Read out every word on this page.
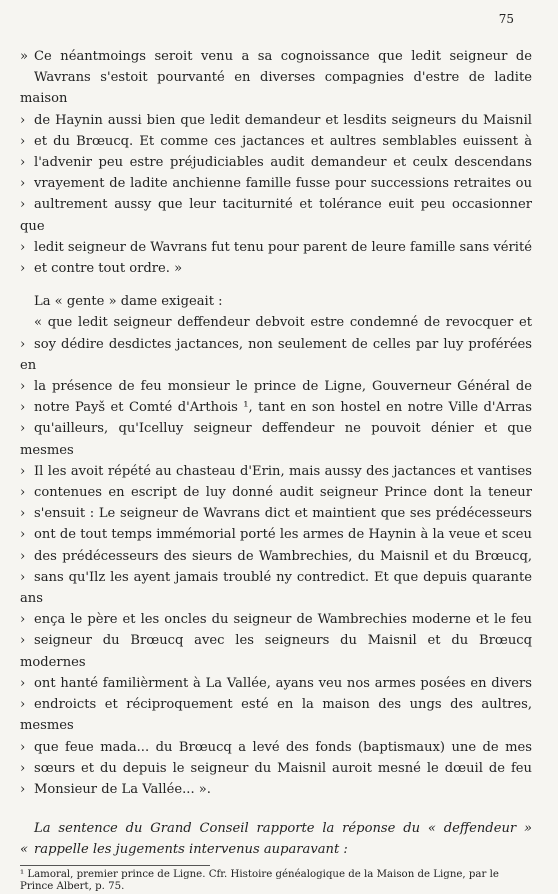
75

» Ce néantmoings seroit venu a sa cognoissance que ledit seigneur de

Wavrans s'estoit pourvanté en diverses compagnies d'estre de ladite maison

› de Haynin aussi bien que ledit demandeur et lesdits seigneurs du Maisnil

› et du Brœucq. Et comme ces jactances et aultres semblables euissent à

› l'advenir peu estre préjudiciables audit demandeur et ceulx descendans

› vrayement de ladite anchienne famille fusse pour successions retraites ou

› aultrement aussy que leur taciturnité et tolérance euit peu occasionner que

› ledit seigneur de Wavrans fut tenu pour parent de leure famille sans vérité

› et contre tout ordre. »

La « gente » dame exigeait :

« que ledit seigneur deffendeur debvoit estre condemné de revocquer et

› soy dédire desdictes jactances, non seulement de celles par luy proférées en

› la présence de feu monsieur le prince de Ligne, Gouverneur Général de

› notre Payš et Comté d'Arthois ¹, tant en son hostel en notre Ville d'Arras

› qu'ailleurs, qu'Icelluy seigneur deffendeur ne pouvoit dénier et que mesmes

› Il les avoit répété au chasteau d'Erin, mais aussy des jactances et vantises

› contenues en escript de luy donné audit seigneur Prince dont la teneur

› s'ensuit : Le seigneur de Wavrans dict et maintient que ses prédécesseurs

› ont de tout temps immémorial porté les armes de Haynin à la veue et sceu

› des prédécesseurs des sieurs de Wambrechies, du Maisnil et du Brœucq,

› sans qu'Ilz les ayent jamais troublé ny contredict. Et que depuis quarante ans

› ença le père et les oncles du seigneur de Wambrechies moderne et le feu

› seigneur du Brœucq avec les seigneurs du Maisnil et du Brœucq modernes

› ont hanté familièrment à La Vallée, ayans veu nos armes posées en divers

› endroicts et réciproquement esté en la maison des ungs des aultres, mesmes

› que feue mada... du Brœucq a levé des fonds (baptismaux) une de mes

› sœurs et du depuis le seigneur du Maisnil auroit mesné le dœuil de feu

› Monsieur de La Vallée... ».

La sentence du Grand Conseil rapporte la réponse du « deffendeur »

« rappelle les jugements intervenus auparavant :

¹ Lamoral, premier prince de Ligne. Cfr. Histoire généalogique de la Maison de Ligne, par le

Prince Albert, p. 75.
